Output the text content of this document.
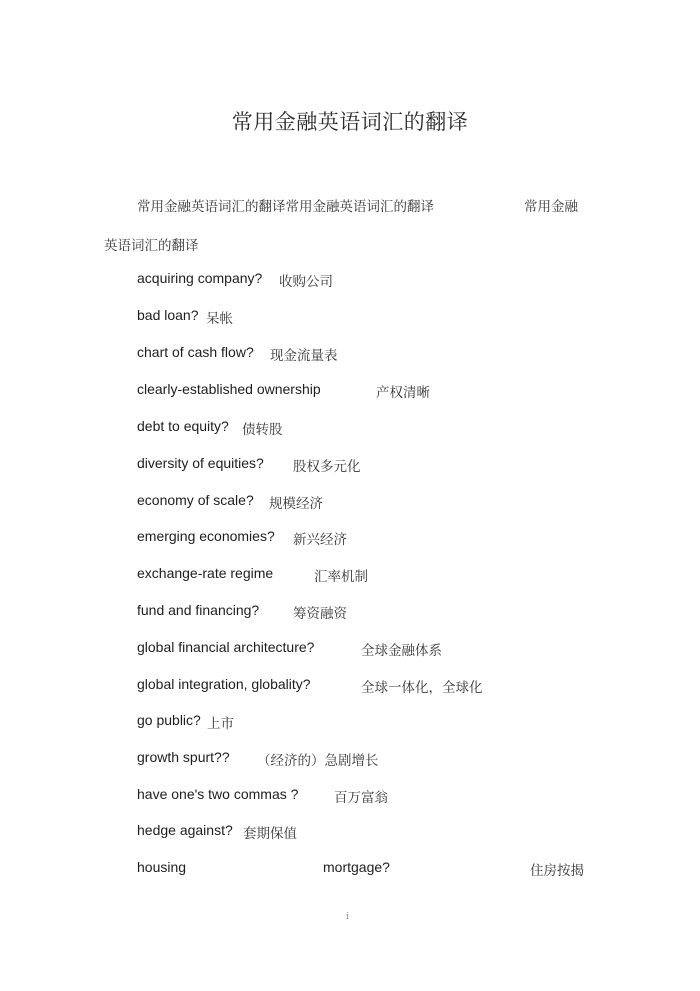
常用金融英语词汇的翻译
常用金融英语词汇的翻译常用金融英语词汇的翻译	常用金融
英语词汇的翻译
acquiring company? 收购公司
bad loan? 呆帐
chart of cash flow? 现金流量表
clearly-established ownership	产权清晰
debt to equity? 债转股
diversity of equities? 股权多元化
economy of scale? 规模经济
emerging economies? 新兴经济
exchange-rate regime	汇率机制
fund and financing?	筹资融资
global financial architecture?	全球金融体系
global integration, globality?	全球一体化，全球化
go public? 上市
growth spurt?? （经济的）急剧增长
have one's two commas ?	百万富翁
hedge against? 套期保值
housing	mortgage?	住房按揭
i
